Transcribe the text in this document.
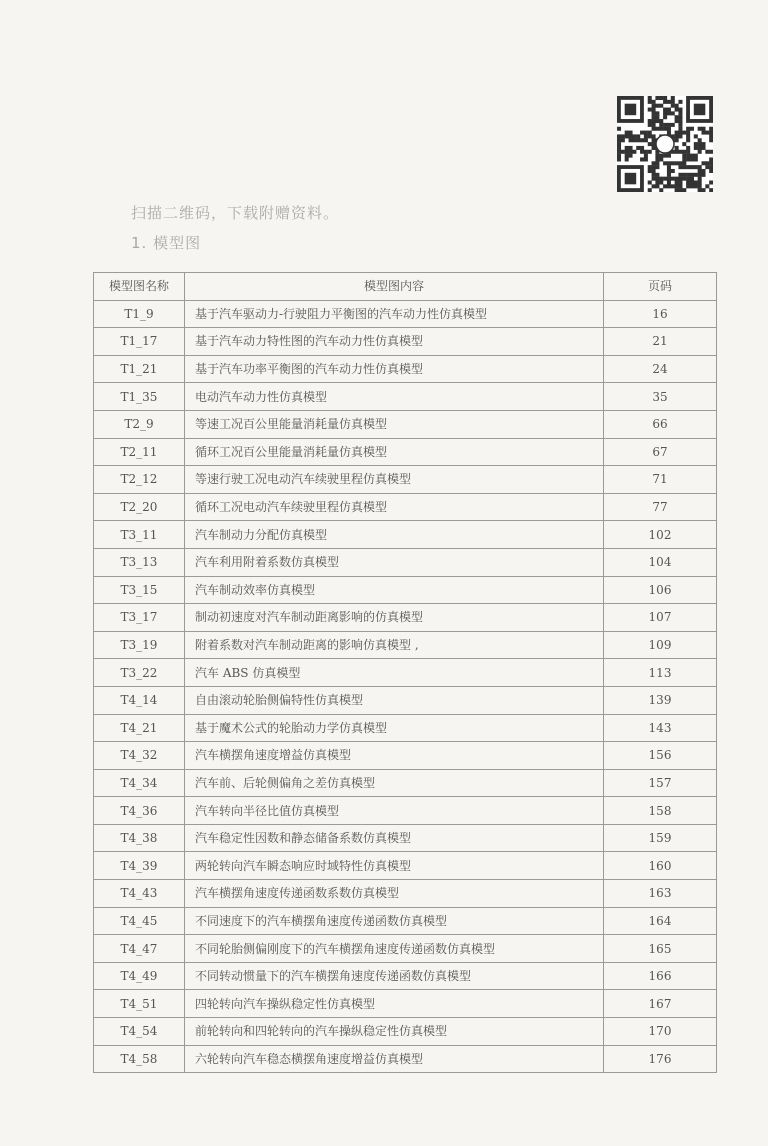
扫描二维码，下载附赠资料。
1. 模型图
模型图名称	模型图内容	页码
T1_9	基于汽车驱动力-行驶阻力平衡图的汽车动力性仿真模型	16
T1_17	基于汽车动力特性图的汽车动力性仿真模型	21
T1_21	基于汽车功率平衡图的汽车动力性仿真模型	24
T1_35	电动汽车动力性仿真模型	35
T2_9	等速工况百公里能量消耗量仿真模型	66
T2_11	循环工况百公里能量消耗量仿真模型	67
T2_12	等速行驶工况电动汽车续驶里程仿真模型	71
T2_20	循环工况电动汽车续驶里程仿真模型	77
T3_11	汽车制动力分配仿真模型	102
T3_13	汽车利用附着系数仿真模型	104
T3_15	汽车制动效率仿真模型	106
T3_17	制动初速度对汽车制动距离影响的仿真模型	107
T3_19	附着系数对汽车制动距离的影响仿真模型 ,	109
T3_22	汽车 ABS 仿真模型	113
T4_14	自由滚动轮胎侧偏特性仿真模型	139
T4_21	基于魔术公式的轮胎动力学仿真模型	143
T4_32	汽车横摆角速度增益仿真模型	156
T4_34	汽车前、后轮侧偏角之差仿真模型	157
T4_36	汽车转向半径比值仿真模型	158
T4_38	汽车稳定性因数和静态储备系数仿真模型	159
T4_39	两轮转向汽车瞬态响应时域特性仿真模型	160
T4_43	汽车横摆角速度传递函数系数仿真模型	163
T4_45	不同速度下的汽车横摆角速度传递函数仿真模型	164
T4_47	不同轮胎侧偏刚度下的汽车横摆角速度传递函数仿真模型	165
T4_49	不同转动惯量下的汽车横摆角速度传递函数仿真模型	166
T4_51	四轮转向汽车操纵稳定性仿真模型	167
T4_54	前轮转向和四轮转向的汽车操纵稳定性仿真模型	170
T4_58	六轮转向汽车稳态横摆角速度增益仿真模型	176
